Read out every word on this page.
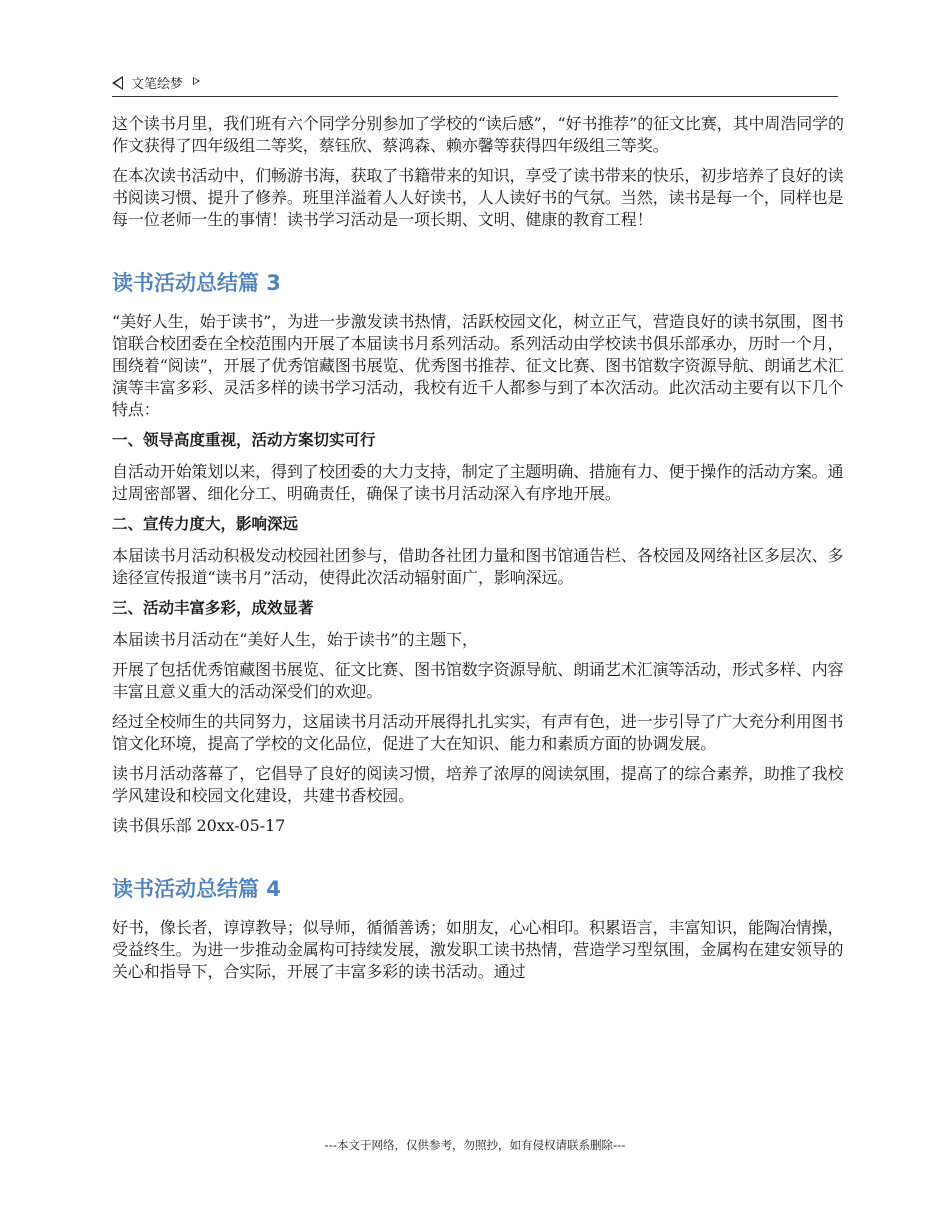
文笔绘梦

这个读书月里，我们班有六个同学分别参加了学校的“读后感”，“好书推荐”的征文比赛，其中周浩同学的作文获得了四年级组二等奖，蔡钰欣、蔡鸿森、赖亦馨等获得四年级组三等奖。

在本次读书活动中，们畅游书海，获取了书籍带来的知识，享受了读书带来的快乐，初步培养了良好的读书阅读习惯、提升了修养。班里洋溢着人人好读书，人人读好书的气氛。当然，读书是每一个，同样也是每一位老师一生的事情！读书学习活动是一项长期、文明、健康的教育工程！

读书活动总结篇 3

“美好人生，始于读书”，为进一步激发读书热情，活跃校园文化，树立正气，营造良好的读书氛围，图书馆联合校团委在全校范围内开展了本届读书月系列活动。系列活动由学校读书俱乐部承办，历时一个月，围绕着“阅读”，开展了优秀馆藏图书展览、优秀图书推荐、征文比赛、图书馆数字资源导航、朗诵艺术汇演等丰富多彩、灵活多样的读书学习活动，我校有近千人都参与到了本次活动。此次活动主要有以下几个特点：

一、领导高度重视，活动方案切实可行

自活动开始策划以来，得到了校团委的大力支持，制定了主题明确、措施有力、便于操作的活动方案。通过周密部署、细化分工、明确责任，确保了读书月活动深入有序地开展。

二、宣传力度大，影响深远

本届读书月活动积极发动校园社团参与，借助各社团力量和图书馆通告栏、各校园及网络社区多层次、多途径宣传报道“读书月”活动，使得此次活动辐射面广，影响深远。

三、活动丰富多彩，成效显著

本届读书月活动在“美好人生，始于读书”的主题下，

开展了包括优秀馆藏图书展览、征文比赛、图书馆数字资源导航、朗诵艺术汇演等活动，形式多样、内容丰富且意义重大的活动深受们的欢迎。

经过全校师生的共同努力，这届读书月活动开展得扎扎实实，有声有色，进一步引导了广大充分利用图书馆文化环境，提高了学校的文化品位，促进了大在知识、能力和素质方面的协调发展。

读书月活动落幕了，它倡导了良好的阅读习惯，培养了浓厚的阅读氛围，提高了的综合素养，助推了我校学风建设和校园文化建设，共建书香校园。

读书俱乐部 20xx-05-17

读书活动总结篇 4

好书，像长者，谆谆教导；似导师，循循善诱；如朋友，心心相印。积累语言，丰富知识，能陶冶情操，受益终生。为进一步推动金属构可持续发展，激发职工读书热情，营造学习型氛围，金属构在建安领导的关心和指导下，合实际，开展了丰富多彩的读书活动。通过

---本文于网络，仅供参考，勿照抄，如有侵权请联系删除---
